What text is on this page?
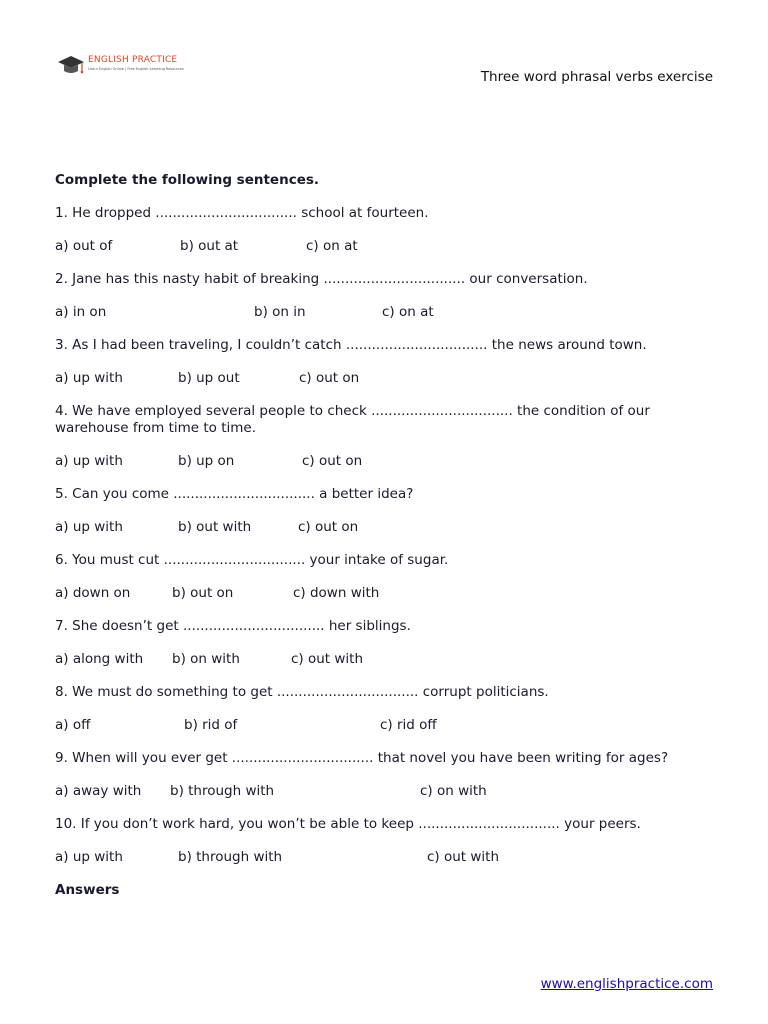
ENGLISH PRACTICE
Learn English Online | Free English Learning Resources	Three word phrasal verbs exercise

Complete the following sentences.

1. He dropped ................................. school at fourteen.

a) out of	b) out at	c) on at

2. Jane has this nasty habit of breaking ................................. our conversation.

a) in on	b) on in	c) on at

3. As I had been traveling, I couldn’t catch ................................. the news around town.

a) up with	b) up out	c) out on

4. We have employed several people to check ................................. the condition of our warehouse from time to time.

a) up with	b) up on	c) out on

5. Can you come ................................. a better idea?

a) up with	b) out with	c) out on

6. You must cut ................................. your intake of sugar.

a) down on	b) out on	c) down with

7. She doesn’t get ................................. her siblings.

a) along with b) on with	c) out with

8. We must do something to get ................................. corrupt politicians.

a) off	b) rid of	c) rid off

9. When will you ever get ................................. that novel you have been writing for ages?

a) away with b) through with	c) on with

10. If you don’t work hard, you won’t be able to keep ................................. your peers.

a) up with	b) through with	c) out with

Answers

www.englishpractice.com
